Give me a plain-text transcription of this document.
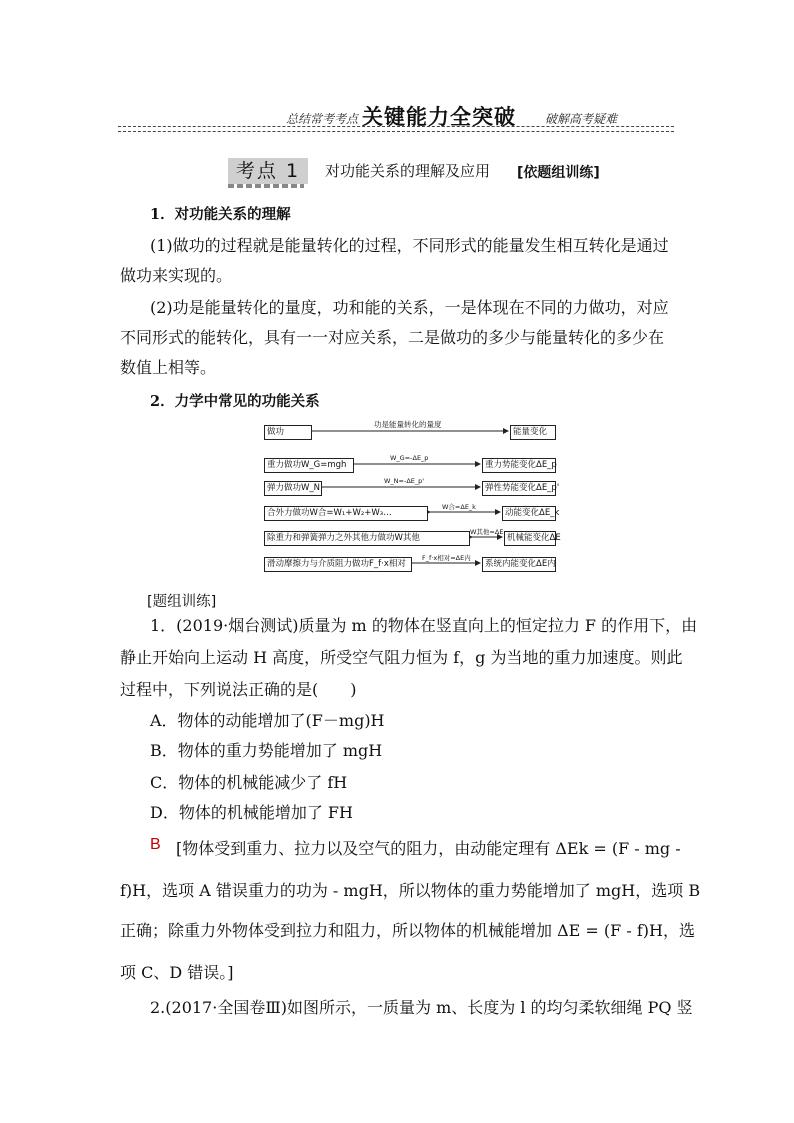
总结常考考点 关键能力全突破 破解高考疑难
考点 1	对功能关系的理解及应用 [依题组训练]
1．对功能关系的理解
(1)做功的过程就是能量转化的过程，不同形式的能量发生相互转化是通过
做功来实现的。
(2)功是能量转化的量度，功和能的关系，一是体现在不同的力做功，对应
不同形式的能转化，具有一一对应关系，二是做功的多少与能量转化的多少在
数值上相等。
2．力学中常见的功能关系
功是能量转化的量度
做功	能量变化
重力做功W_G=mgh
W_G=-ΔE_p
重力势能变化ΔE_p
弹力做功W_N
W_N=-ΔE_p'
弹性势能变化ΔE_p'
合外力做功W合=W₁+W₂+W₃…
W合=ΔE_k
动能变化ΔE_k
除重力和弹簧弹力之外其他力做功W其他
W其他=ΔE
机械能变化ΔE
滑动摩擦力与介质阻力做功F_f·x相对
F_f·x相对=ΔE内
系统内能变化ΔE内
[题组训练]
1．(2019·烟台测试)质量为 m 的物体在竖直向上的恒定拉力 F 的作用下，由
静止开始向上运动 H 高度，所受空气阻力恒为 f，g 为当地的重力加速度。则此
过程中，下列说法正确的是(　　)
A．物体的动能增加了(F－mg)H
B．物体的重力势能增加了 mgH
C．物体的机械能减少了 fH
D．物体的机械能增加了 FH
B [物体受到重力、拉力以及空气的阻力，由动能定理有 ΔEk = (F - mg -
f)H，选项 A 错误重力的功为 - mgH，所以物体的重力势能增加了 mgH，选项 B
正确；除重力外物体受到拉力和阻力，所以物体的机械能增加 ΔE = (F - f)H，选
项 C、D 错误。]
2.(2017·全国卷Ⅲ)如图所示，一质量为 m、长度为 l 的均匀柔软细绳 PQ 竖
